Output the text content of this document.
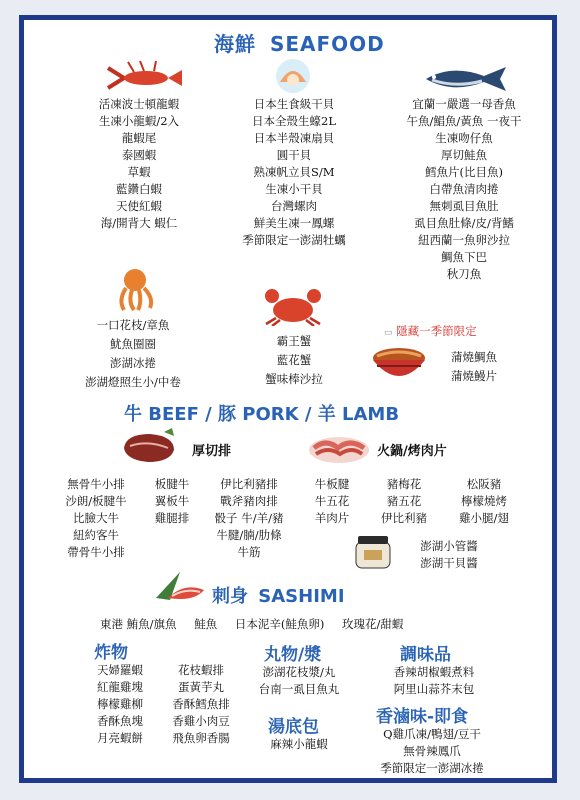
海鮮 SEAFOOD
活凍波士頓龍蝦
生凍小龍蝦/2入
龍蝦尾
泰國蝦
草蝦
藍鑽白蝦
天使紅蝦
海/開背大 蝦仁
日本生食級干貝
日本全殼生蠔2L
日本半殼凍扇貝
圓干貝
熟凍帆立貝S/M
生凍小干貝
台灣螺肉
鮮美生凍一鳳螺
季節限定一澎湖牡蠣
宜蘭一嚴選一母香魚
午魚/鯧魚/黃魚 一夜干
生凍吻仔魚
厚切鮭魚
鱈魚片(比目魚)
白帶魚清肉捲
無刺虱目魚肚
虱目魚肚條/皮/背鰭
紐西蘭一魚卵沙拉
鯛魚下巴
秋刀魚
一口花枝/章魚
魷魚圈圈
澎湖冰捲
澎湖燈照生小/中卷
霸王蟹
藍花蟹
蟹味棒沙拉
▭ 隱藏一季節限定
蒲燒鯛魚
蒲燒鰻片
牛 BEEF / 豚 PORK / 羊 LAMB
厚切排	火鍋/烤肉片
無骨牛小排
沙朗/板腱牛
比臉大牛
紐約客牛
帶骨牛小排
板腱牛
翼板牛
雞腿排
伊比利豬排
戰斧豬肉排
骰子 牛/羊/豬
牛腱/腩/肋條
牛筋
牛板腱
牛五花
羊肉片
豬梅花
豬五花
伊比利豬
松阪豬
檸檬燒烤
雞小腿/翅
澎湖小管醬
澎湖干貝醬
刺身 SASHIMI
東港 鮪魚/旗魚 鮭魚 日本泥辛(鮭魚卵) 玫瑰花/甜蝦
炸物
天婦羅蝦
紅龍雞塊
檸檬雞柳
香酥魚塊
月亮蝦餅
花枝蝦排
蛋黃芋丸
香酥鱈魚排
香雞小肉豆
飛魚卵香腸
丸物/漿
澎湖花枝漿/丸
台南一虱目魚丸
湯底包
麻辣小龍蝦
調味品
香辣胡椒蝦煮料
阿里山蒜芥末包
香滷味-即食
Q雞爪凍/鴨翅/豆干
無骨辣鳳爪
季節限定一澎湖冰捲
